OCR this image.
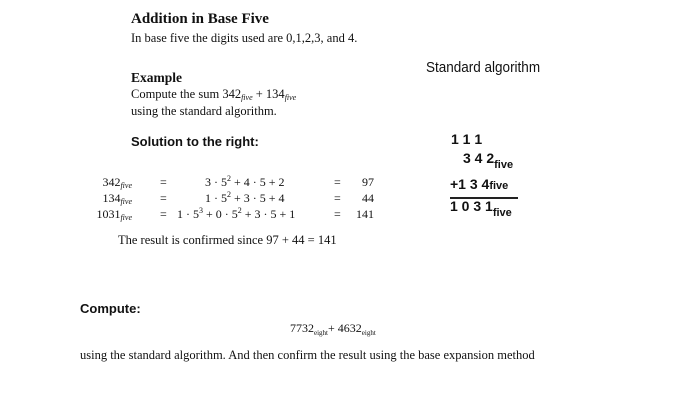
Addition in Base Five
In base five the digits used are 0,1,2,3, and 4.
Example
Compute the sum $342_{five} + 134_{five}$
using the standard algorithm.
Solution to the right:
$342_{five}$ =	$3 \cdot 5^2 + 4 \cdot 5 + 2$	=	97
$134_{five}$ =	$1 \cdot 5^2 + 3 \cdot 5 + 4$	=	44
$1031_{five} = 1 \cdot 5^3 + 0 \cdot 5^2 + 3 \cdot 5 + 1$	=	141
The result is confirmed since 97 + 44 = 141
Standard algorithm
1 1 1
3 4 $2_{five}$
+1 3 4five
1 0 3 $1_{five}$
Compute:
$7732_{eight}+ 4632_{eight}$
using the standard algorithm. And then confirm the result using the base expansion method
